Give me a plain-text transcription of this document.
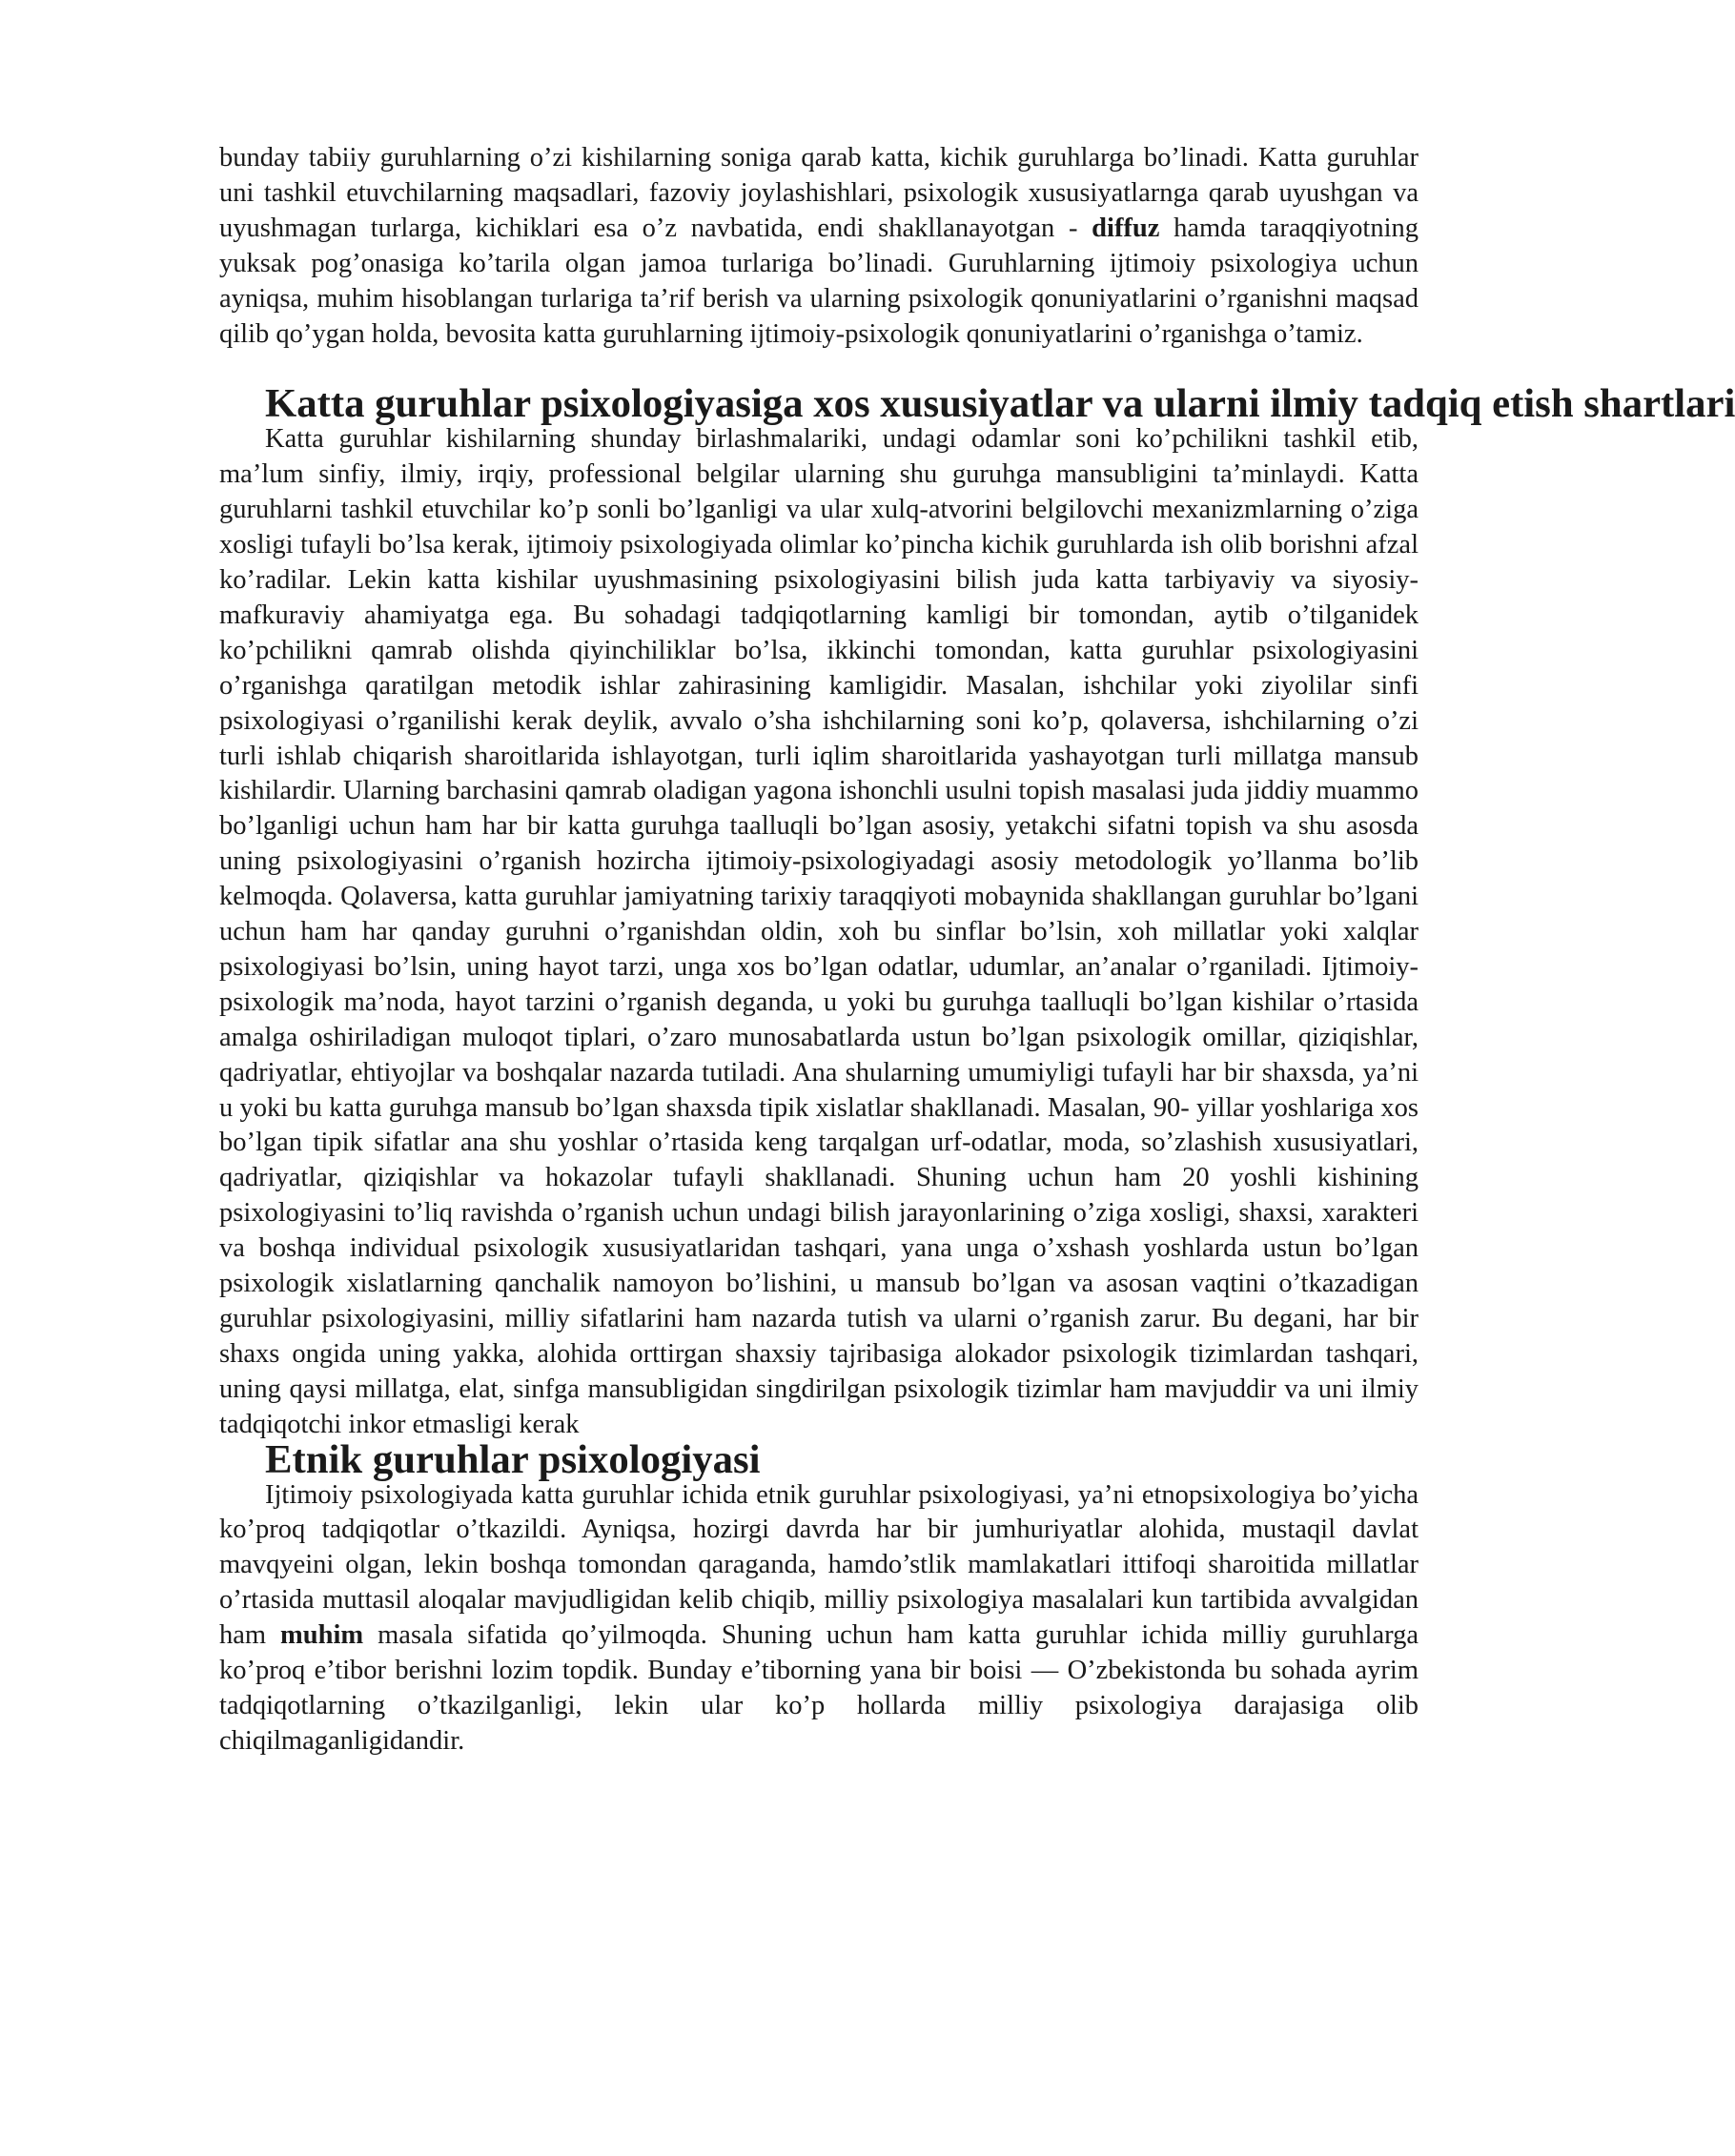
bunday tabiiy guruhlarning o’zi kishilarning soniga qarab katta, kichik guruhlarga bo’linadi. Katta guruhlar uni tashkil etuvchilarning maqsadlari, fazoviy joylashishlari, psixologik xususiyatlarnga qarab uyushgan va uyushmagan turlarga, kichiklari esa o’z navbatida, endi shakllanayotgan - diffuz hamda taraqqiyotning yuksak pog’onasiga ko’tarila olgan jamoa turlariga bo’linadi. Guruhlarning ijtimoiy psixologiya uchun ayniqsa, muhim hisoblangan turlariga ta’rif berish va ularning psixologik qonuniyatlarini o’rganishni maqsad qilib qo’ygan holda, bevosita katta guruhlarning ijtimoiy-psixologik qonuniyatlarini o’rganishga o’tamiz.

Katta guruhlar psixologiyasiga xos xususiyatlar va ularni ilmiy tadqiq etish shartlari

Katta guruhlar kishilarning shunday birlashmalariki, undagi odamlar soni ko’pchilikni tashkil etib, ma’lum sinfiy, ilmiy, irqiy, professional belgilar ularning shu guruhga mansubligini ta’minlaydi. Katta guruhlarni tashkil etuvchilar ko’p sonli bo’lganligi va ular xulq-atvorini belgilovchi mexanizmlarning o’ziga xosligi tufayli bo’lsa kerak, ijtimoiy psixologiyada olimlar ko’pincha kichik guruhlarda ish olib borishni afzal ko’radilar. Lekin katta kishilar uyushmasining psixologiyasini bilish juda katta tarbiyaviy va siyosiy-mafkuraviy ahamiyatga ega. Bu sohadagi tadqiqotlarning kamligi bir tomondan, aytib o’tilganidek ko’pchilikni qamrab olishda qiyinchiliklar bo’lsa, ikkinchi tomondan, katta guruhlar psixologiyasini o’rganishga qaratilgan metodik ishlar zahirasining kamligidir. Masalan, ishchilar yoki ziyolilar sinfi psixologiyasi o’rganilishi kerak deylik, avvalo o’sha ishchilarning soni ko’p, qolaversa, ishchilarning o’zi turli ishlab chiqarish sharoitlarida ishlayotgan, turli iqlim sharoitlarida yashayotgan turli millatga mansub kishilardir. Ularning barchasini qamrab oladigan yagona ishonchli usulni topish masalasi juda jiddiy muammo bo’lganligi uchun ham har bir katta guruhga taalluqli bo’lgan asosiy, yetakchi sifatni topish va shu asosda uning psixologiyasini o’rganish hozircha ijtimoiy-psixologiyadagi asosiy metodologik yo’llanma bo’lib kelmoqda. Qolaversa, katta guruhlar jamiyatning tarixiy taraqqiyoti mobaynida shakllangan guruhlar bo’lgani uchun ham har qanday guruhni o’rganishdan oldin, xoh bu sinflar bo’lsin, xoh millatlar yoki xalqlar psixologiyasi bo’lsin, uning hayot tarzi, unga xos bo’lgan odatlar, udumlar, an’analar o’rganiladi. Ijtimoiy-psixologik ma’noda, hayot tarzini o’rganish deganda, u yoki bu guruhga taalluqli bo’lgan kishilar o’rtasida amalga oshiriladigan muloqot tiplari, o’zaro munosabatlarda ustun bo’lgan psixologik omillar, qiziqishlar, qadriyatlar, ehtiyojlar va boshqalar nazarda tutiladi. Ana shularning umumiyligi tufayli har bir shaxsda, ya’ni u yoki bu katta guruhga mansub bo’lgan shaxsda tipik xislatlar shakllanadi. Masalan, 90- yillar yoshlariga xos bo’lgan tipik sifatlar ana shu yoshlar o’rtasida keng tarqalgan urf-odatlar, moda, so’zlashish xususiyatlari, qadriyatlar, qiziqishlar va hokazolar tufayli shakllanadi. Shuning uchun ham 20 yoshli kishining psixologiyasini to’liq ravishda o’rganish uchun undagi bilish jarayonlarining o’ziga xosligi, shaxsi, xarakteri va boshqa individual psixologik xususiyatlaridan tashqari, yana unga o’xshash yoshlarda ustun bo’lgan psixologik xislatlarning qanchalik namoyon bo’lishini, u mansub bo’lgan va asosan vaqtini o’tkazadigan guruhlar psixologiyasini, milliy sifatlarini ham nazarda tutish va ularni o’rganish zarur. Bu degani, har bir shaxs ongida uning yakka, alohida orttirgan shaxsiy tajribasiga alokador psixologik tizimlardan tashqari, uning qaysi millatga, elat, sinfga mansubligidan singdirilgan psixologik tizimlar ham mavjuddir va uni ilmiy tadqiqotchi inkor etmasligi kerak

Etnik guruhlar psixologiyasi

Ijtimoiy psixologiyada katta guruhlar ichida etnik guruhlar psixologiyasi, ya’ni etnopsixologiya bo’yicha ko’proq tadqiqotlar o’tkazildi. Ayniqsa, hozirgi davrda har bir jumhuriyatlar alohida, mustaqil davlat mavqyeini olgan, lekin boshqa tomondan qaraganda, hamdo’stlik mamlakatlari ittifoqi sharoitida millatlar o’rtasida muttasil aloqalar mavjudligidan kelib chiqib, milliy psixologiya masalalari kun tartibida avvalgidan ham muhim masala sifatida qo’yilmoqda. Shuning uchun ham katta guruhlar ichida milliy guruhlarga ko’proq e’tibor berishni lozim topdik. Bunday e’tiborning yana bir boisi — O’zbekistonda bu sohada ayrim tadqiqotlarning o’tkazilganligi, lekin ular ko’p hollarda milliy psixologiya darajasiga olib chiqilmaganligidandir.
